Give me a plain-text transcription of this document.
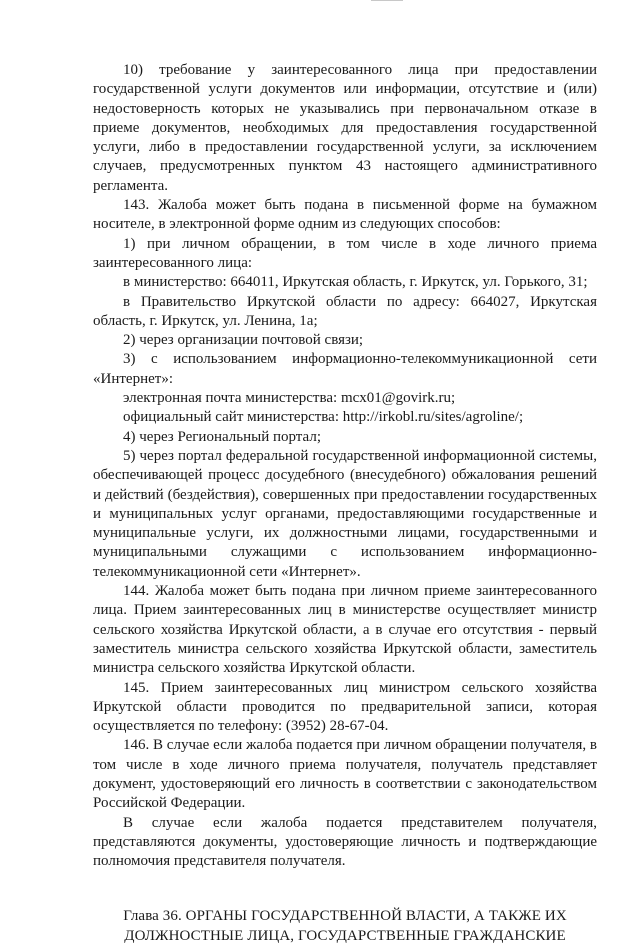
10) требование у заинтересованного лица при предоставлении государственной услуги документов или информации, отсутствие и (или) недостоверность которых не указывались при первоначальном отказе в приеме документов, необходимых для предоставления государственной услуги, либо в предоставлении государственной услуги, за исключением случаев, предусмотренных пунктом 43 настоящего административного регламента.

143. Жалоба может быть подана в письменной форме на бумажном носителе, в электронной форме одним из следующих способов:

1) при личном обращении, в том числе в ходе личного приема заинтересованного лица:

в министерство: 664011, Иркутская область, г. Иркутск, ул. Горького, 31;

в Правительство Иркутской области по адресу: 664027, Иркутская область, г. Иркутск, ул. Ленина, 1а;

2) через организации почтовой связи;

3) с использованием информационно-телекоммуникационной сети «Интернет»:

электронная почта министерства: mcx01@govirk.ru;

официальный сайт министерства: http://irkobl.ru/sites/agroline/;

4) через Региональный портал;

5) через портал федеральной государственной информационной системы, обеспечивающей процесс досудебного (внесудебного) обжалования решений и действий (бездействия), совершенных при предоставлении государственных и муниципальных услуг органами, предоставляющими государственные и муниципальные услуги, их должностными лицами, государственными и муниципальными служащими с использованием информационно-телекоммуникационной сети «Интернет».

144. Жалоба может быть подана при личном приеме заинтересованного лица. Прием заинтересованных лиц в министерстве осуществляет министр сельского хозяйства Иркутской области, а в случае его отсутствия - первый заместитель министра сельского хозяйства Иркутской области, заместитель министра сельского хозяйства Иркутской области.

145. Прием заинтересованных лиц министром сельского хозяйства Иркутской области проводится по предварительной записи, которая осуществляется по телефону: (3952) 28-67-04.

146. В случае если жалоба подается при личном обращении получателя, в том числе в ходе личного приема получателя, получатель представляет документ, удостоверяющий его личность в соответствии с законодательством Российской Федерации.

В случае если жалоба подается представителем получателя, представляются документы, удостоверяющие личность и подтверждающие полномочия представителя получателя.

Глава 36. ОРГАНЫ ГОСУДАРСТВЕННОЙ ВЛАСТИ, А ТАКЖЕ ИХ
ДОЛЖНОСТНЫЕ ЛИЦА, ГОСУДАРСТВЕННЫЕ ГРАЖДАНСКИЕ
